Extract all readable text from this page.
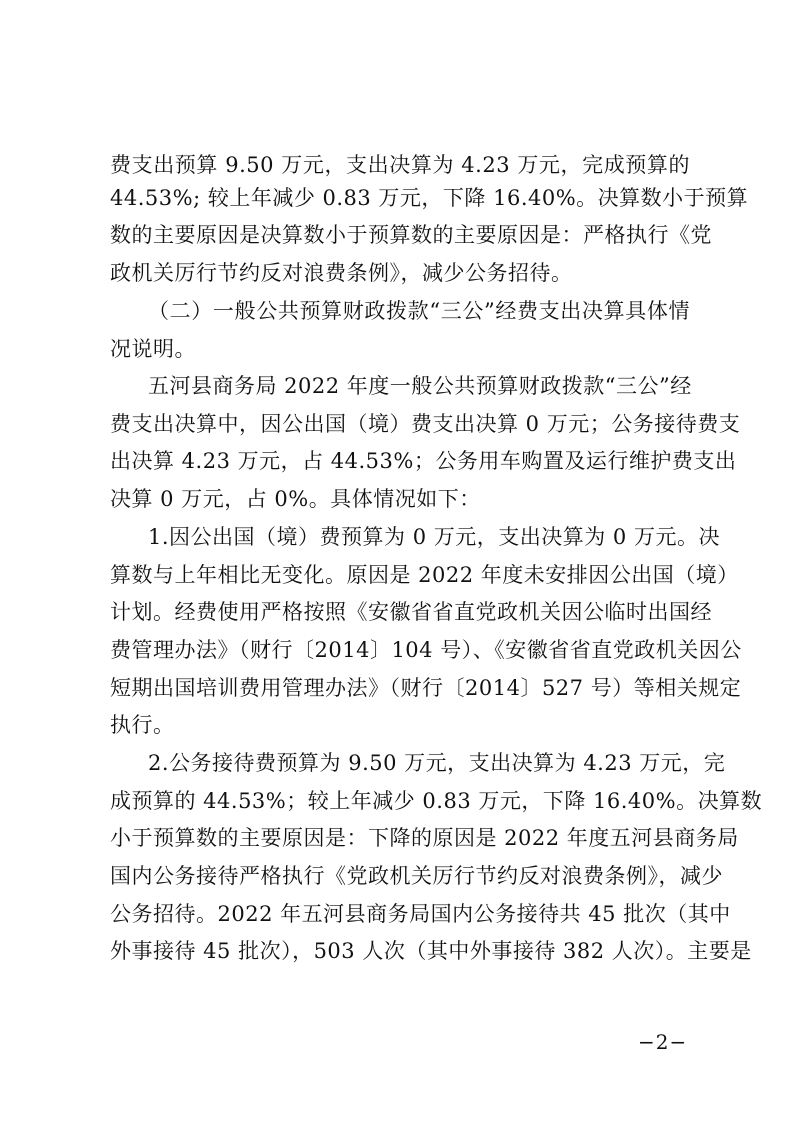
费支出预算 9.50 万元，支出决算为 4.23 万元，完成预算的
44.53%; 较上年减少 0.83 万元，下降 16.40%。决算数小于预算
数的主要原因是决算数小于预算数的主要原因是：严格执行《党
政机关厉行节约反对浪费条例》，减少公务招待。
（二）一般公共预算财政拨款“三公”经费支出决算具体情
况说明。
五河县商务局 2022 年度一般公共预算财政拨款“三公”经
费支出决算中，因公出国（境）费支出决算 0 万元；公务接待费支
出决算 4.23 万元，占 44.53%；公务用车购置及运行维护费支出
决算 0 万元，占 0%。具体情况如下：
1.因公出国（境）费预算为 0 万元，支出决算为 0 万元。决
算数与上年相比无变化。原因是 2022 年度未安排因公出国（境）
计划。经费使用严格按照《安徽省省直党政机关因公临时出国经
费管理办法》（财行〔2014〕104 号）、《安徽省省直党政机关因公
短期出国培训费用管理办法》（财行〔2014〕527 号）等相关规定
执行。
2.公务接待费预算为 9.50 万元，支出决算为 4.23 万元，完
成预算的 44.53%；较上年减少 0.83 万元，下降 16.40%。决算数
小于预算数的主要原因是：下降的原因是 2022 年度五河县商务局
国内公务接待严格执行《党政机关厉行节约反对浪费条例》，减少
公务招待。2022 年五河县商务局国内公务接待共 45 批次（其中
外事接待 45 批次），503 人次（其中外事接待 382 人次）。主要是
−2−
